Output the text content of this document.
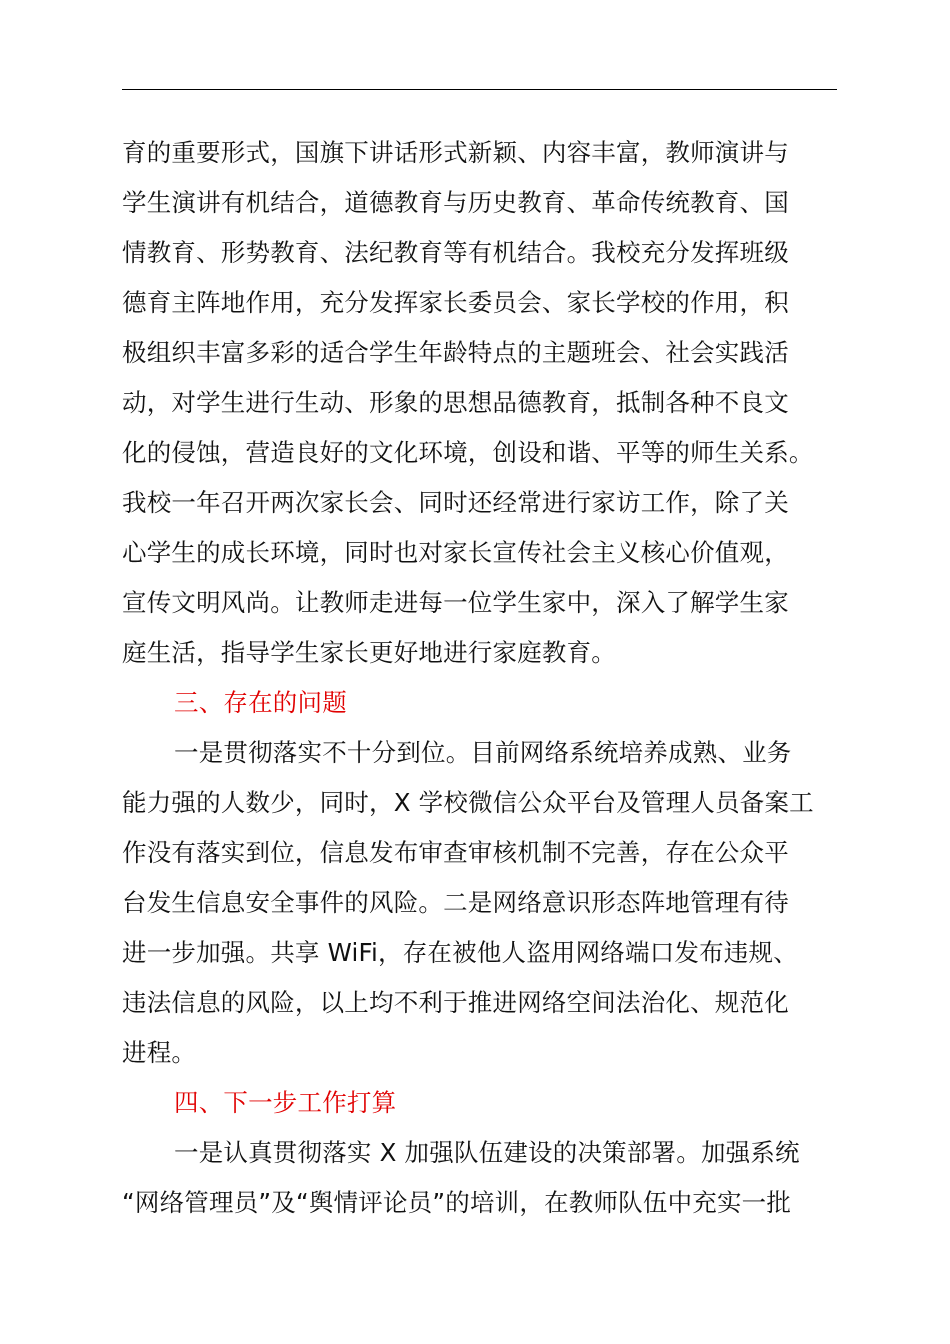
育的重要形式，国旗下讲话形式新颖、内容丰富，教师演讲与
学生演讲有机结合，道德教育与历史教育、革命传统教育、国
情教育、形势教育、法纪教育等有机结合。我校充分发挥班级
德育主阵地作用，充分发挥家长委员会、家长学校的作用，积
极组织丰富多彩的适合学生年龄特点的主题班会、社会实践活
动，对学生进行生动、形象的思想品德教育，抵制各种不良文
化的侵蚀，营造良好的文化环境，创设和谐、平等的师生关系。
我校一年召开两次家长会、同时还经常进行家访工作，除了关
心学生的成长环境，同时也对家长宣传社会主义核心价值观，
宣传文明风尚。让教师走进每一位学生家中，深入了解学生家
庭生活，指导学生家长更好地进行家庭教育。
三、存在的问题
一是贯彻落实不十分到位。目前网络系统培养成熟、业务
能力强的人数少，同时，X 学校微信公众平台及管理人员备案工
作没有落实到位，信息发布审查审核机制不完善，存在公众平
台发生信息安全事件的风险。二是网络意识形态阵地管理有待
进一步加强。共享 WiFi，存在被他人盗用网络端口发布违规、
违法信息的风险，以上均不利于推进网络空间法治化、规范化
进程。
四、下一步工作打算
一是认真贯彻落实 X 加强队伍建设的决策部署。加强系统
“网络管理员”及“舆情评论员”的培训，在教师队伍中充实一批
